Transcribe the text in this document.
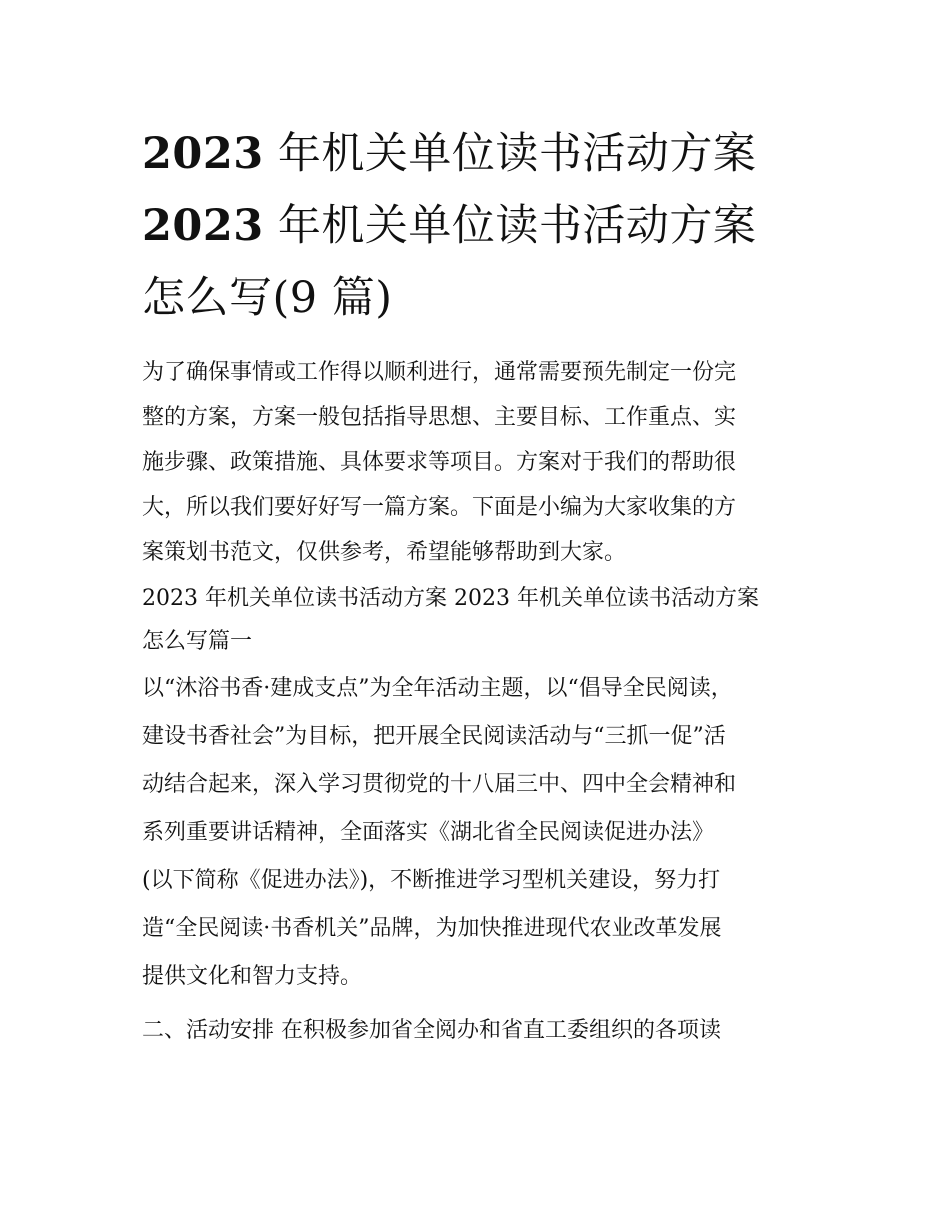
2023 年机关单位读书活动方案
2023 年机关单位读书活动方案
怎么写(9 篇)

为了确保事情或工作得以顺利进行，通常需要预先制定一份完
整的方案，方案一般包括指导思想、主要目标、工作重点、实
施步骤、政策措施、具体要求等项目。方案对于我们的帮助很
大，所以我们要好好写一篇方案。下面是小编为大家收集的方
案策划书范文，仅供参考，希望能够帮助到大家。

2023 年机关单位读书活动方案 2023 年机关单位读书活动方案
怎么写篇一

以“沐浴书香·建成支点”为全年活动主题，以“倡导全民阅读，
建设书香社会”为目标，把开展全民阅读活动与“三抓一促”活
动结合起来，深入学习贯彻党的十八届三中、四中全会精神和
系列重要讲话精神，全面落实《湖北省全民阅读促进办法》
(以下简称《促进办法》)，不断推进学习型机关建设，努力打
造“全民阅读·书香机关”品牌，为加快推进现代农业改革发展
提供文化和智力支持。

二、活动安排 在积极参加省全阅办和省直工委组织的各项读
